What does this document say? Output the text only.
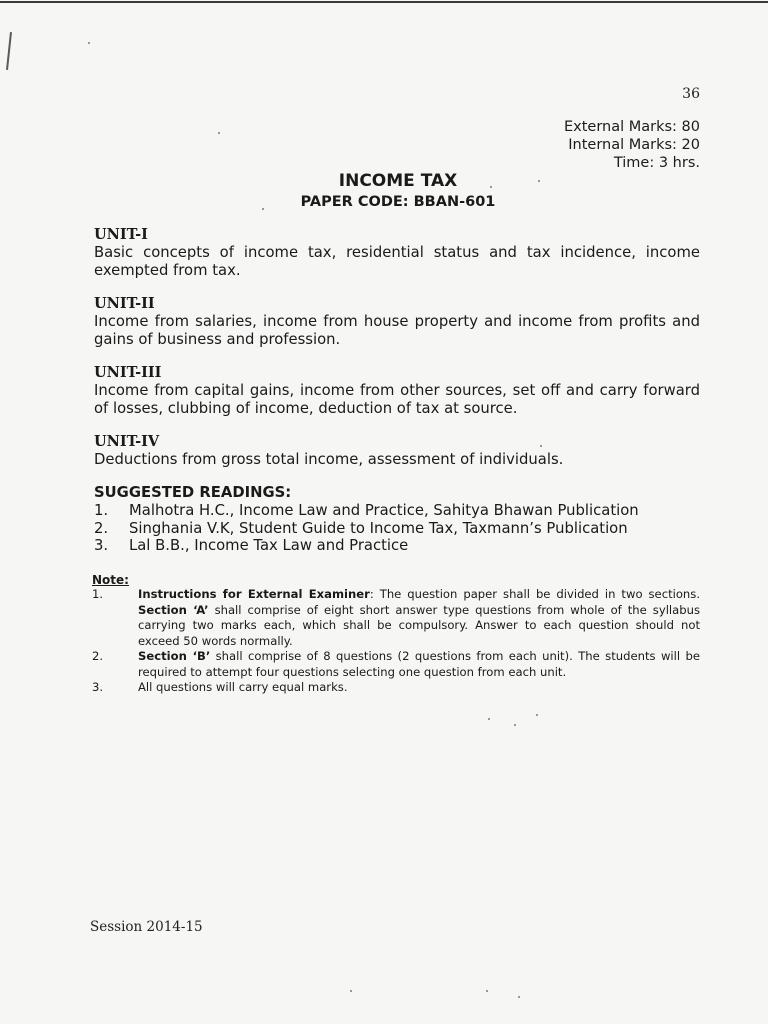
36
External Marks: 80
Internal Marks: 20
Time: 3 hrs.
INCOME TAX
PAPER CODE: BBAN-601
UNIT-I
Basic concepts of income tax, residential status and tax incidence, income exempted from tax.
UNIT-II
Income from salaries, income from house property and income from profits and gains of business and profession.
UNIT-III
Income from capital gains, income from other sources, set off and carry forward of losses, clubbing of income, deduction of tax at source.
UNIT-IV
Deductions from gross total income, assessment of individuals.
SUGGESTED READINGS:
1.	Malhotra H.C., Income Law and Practice, Sahitya Bhawan Publication
2.	Singhania V.K, Student Guide to Income Tax, Taxmann’s Publication
3.	Lal B.B., Income Tax Law and Practice
Note:
1.	Instructions for External Examiner: The question paper shall be divided in two sections. Section ‘A’ shall comprise of eight short answer type questions from whole of the syllabus carrying two marks each, which shall be compulsory. Answer to each question should not exceed 50 words normally.
2.	Section ‘B’ shall comprise of 8 questions (2 questions from each unit). The students will be required to attempt four questions selecting one question from each unit.
3.	All questions will carry equal marks.
Session 2014-15
